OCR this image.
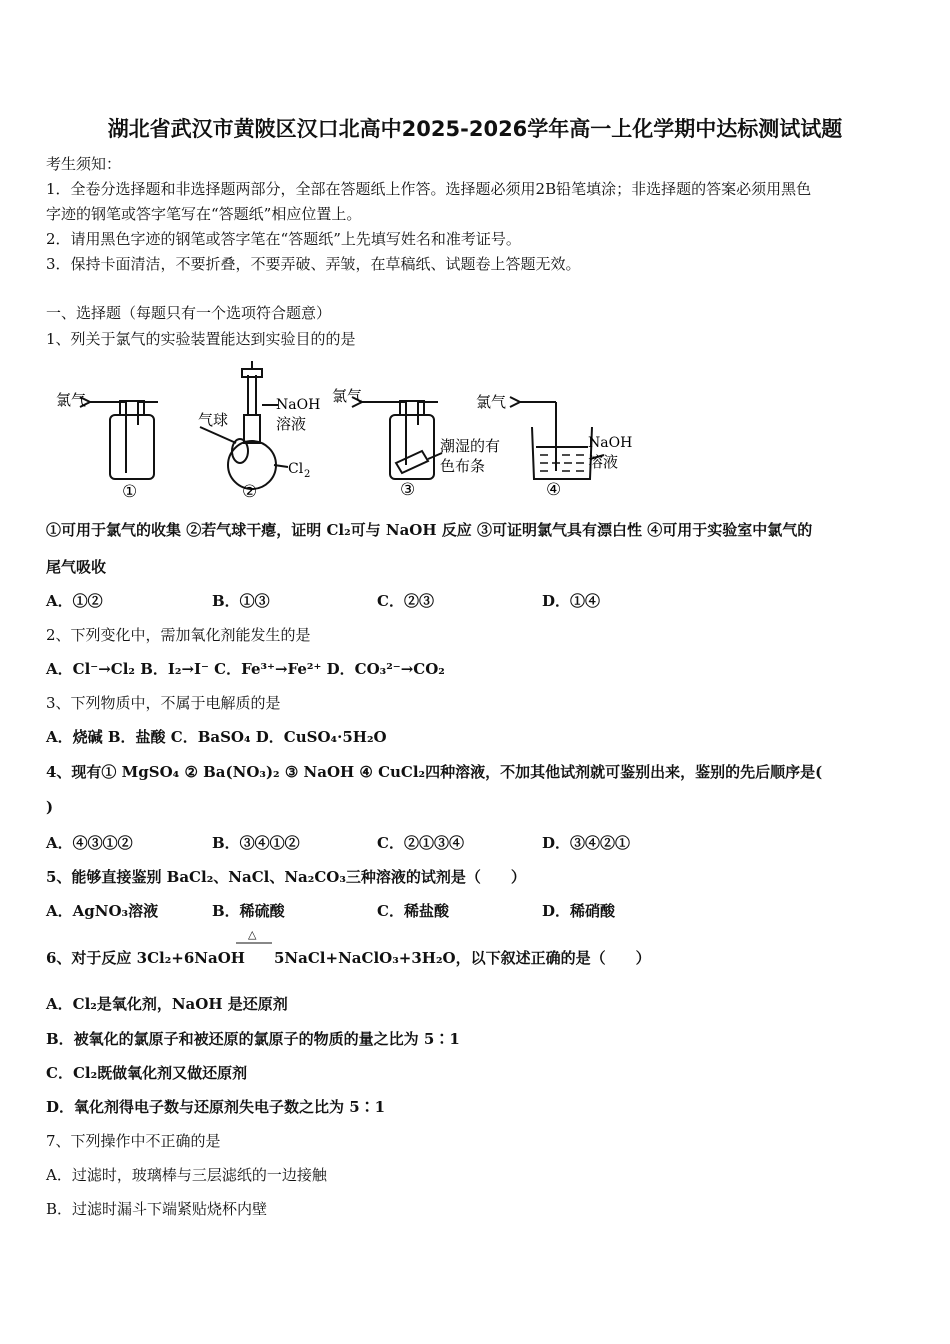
湖北省武汉市黄陂区汉口北高中2025-2026学年高一上化学期中达标测试试题
考生须知：
1．全卷分选择题和非选择题两部分，全部在答题纸上作答。选择题必须用2B铅笔填涂；非选择题的答案必须用黑色
字迹的钢笔或答字笔写在“答题纸”相应位置上。
2．请用黑色字迹的钢笔或答字笔在“答题纸”上先填写姓名和准考证号。
3．保持卡面清洁，不要折叠，不要弄破、弄皱，在草稿纸、试题卷上答题无效。
一、选择题（每题只有一个选项符合题意）
1、列关于氯气的实验装置能达到实验目的的是
氯气
气球
NaOH
溶液
Cl 2
氯气
潮湿的有
色布条
氯气
NaOH
溶液
①	②	③	④
①可用于氯气的收集 ②若气球干瘪，证明 Cl₂可与 NaOH 反应 ③可证明氯气具有漂白性 ④可用于实验室中氯气的
尾气吸收
A．①②	B．①③	C．②③	D．①④
2、下列变化中，需加氧化剂能发生的是
A．Cl⁻→Cl₂ B．I₂→I⁻ C．Fe³⁺→Fe²⁺ D．CO₃²⁻→CO₂
3、下列物质中，不属于电解质的是
A．烧碱 B．盐酸 C．BaSO₄ D．CuSO₄·5H₂O
4、现有① MgSO₄ ② Ba(NO₃)₂ ③ NaOH ④ CuCl₂四种溶液，不加其他试剂就可鉴别出来，鉴别的先后顺序是(
)
A．④③①②	B．③④①②	C．②①③④	D．③④②①
5、能够直接鉴别 BaCl₂、NaCl、Na₂CO₃三种溶液的试剂是（　　）
A．AgNO₃溶液	B．稀硫酸	C．稀盐酸	D．稀硝酸
6、对于反应 3Cl₂+6NaOH
△
5NaCl+NaClO₃+3H₂O，以下叙述正确的是（　　）
A．Cl₂是氧化剂，NaOH 是还原剂
B．被氧化的氯原子和被还原的氯原子的物质的量之比为 5∶1
C．Cl₂既做氧化剂又做还原剂
D．氧化剂得电子数与还原剂失电子数之比为 5∶1
7、下列操作中不正确的是
A．过滤时，玻璃棒与三层滤纸的一边接触
B．过滤时漏斗下端紧贴烧杯内壁
